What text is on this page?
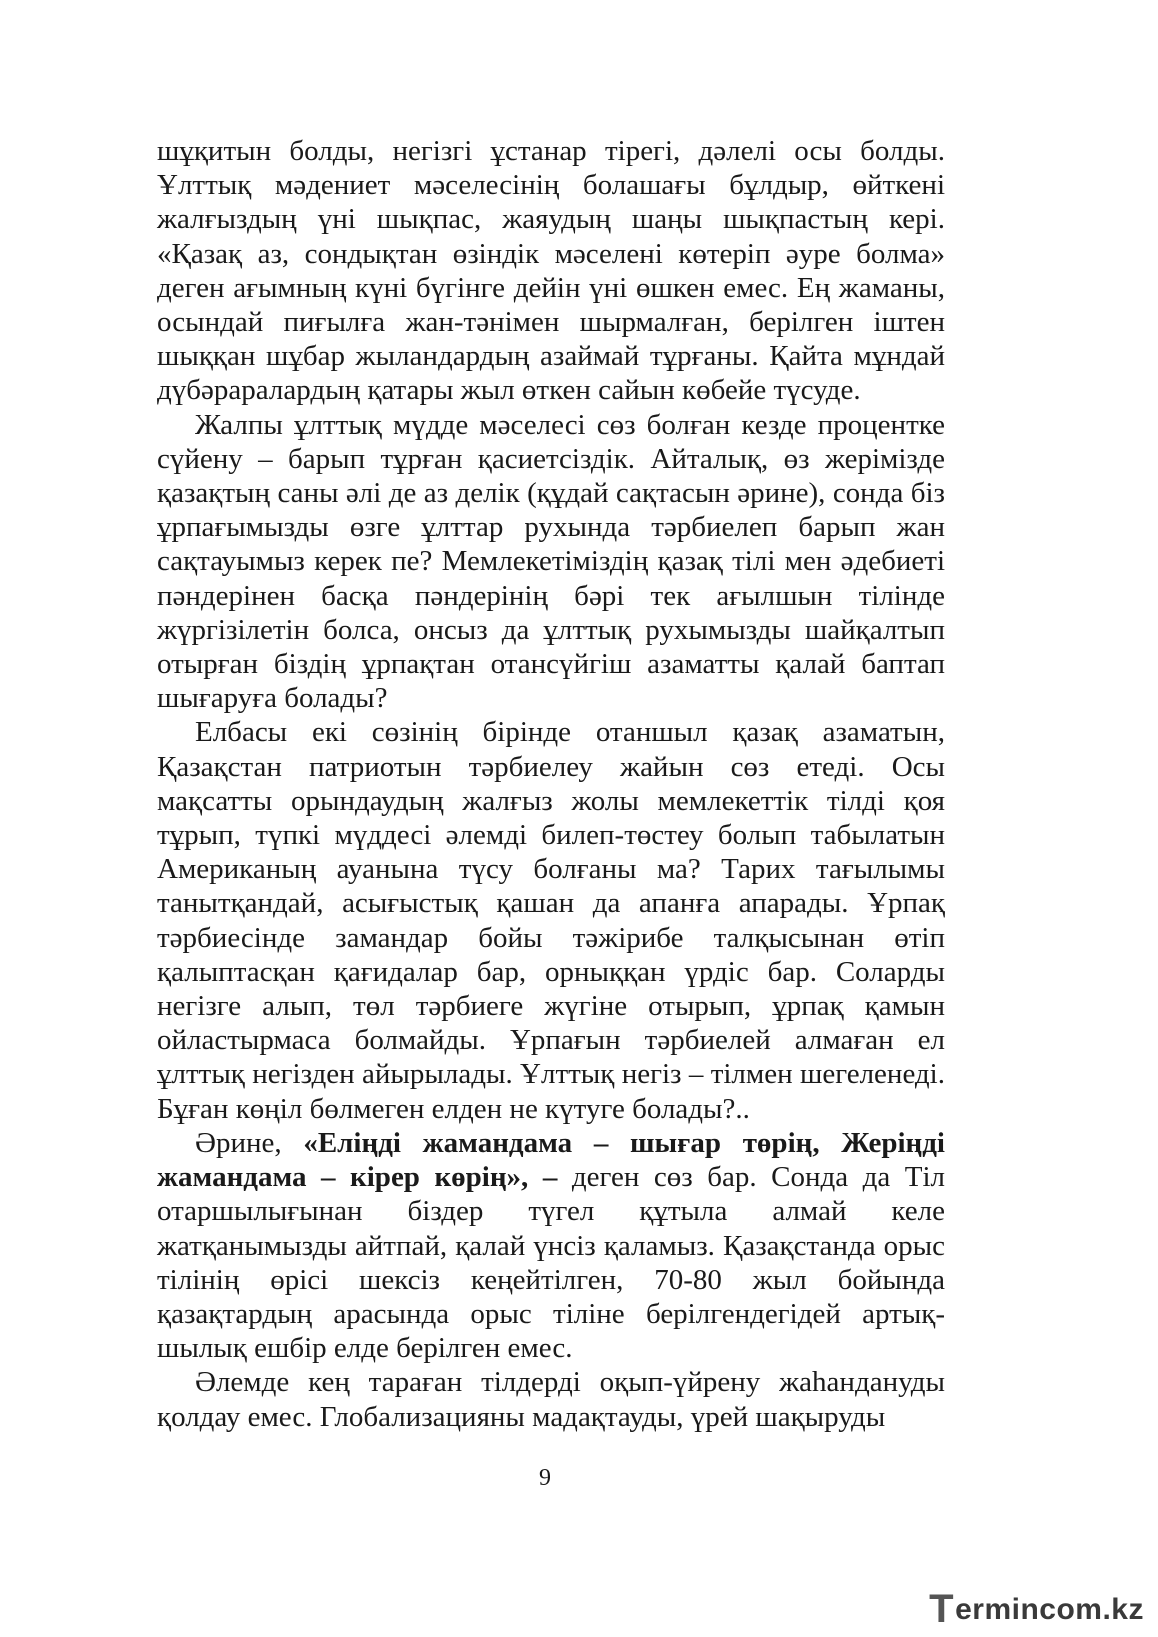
шұқитын болды, негізгі ұстанар тірегі, дәлелі осы болды. Ұлттық мәдениет мәселесінің болашағы бұлдыр, өйткені жалғыздың үні шықпас, жаяудың шаңы шықпастың кері. «Қазақ аз, сондықтан өзіндік мәселені көтеріп әуре болма» деген ағымның күні бүгінге дейін үні өшкен емес. Ең жаманы, осындай пиғылға жан-тәнімен шырмалған, берілген іштен шыққан шұбар жыландардың азаймай тұрғаны. Қайта мұндай дүбәраралардың қатары жыл өткен сайын көбейе түсуде.

Жалпы ұлттық мүдде мәселесі сөз болған кезде процентке сүйену – барып тұрған қасиетсіздік. Айталық, өз жерімізде қазақтың саны әлі де аз делік (құдай сақтасын әрине), сонда біз ұрпағымызды өзге ұлттар рухында тәрбиелеп барып жан сақтауымыз керек пе? Мемлекетіміздің қазақ тілі мен әдебиеті пәндерінен басқа пәндерінің бәрі тек ағылшын тілінде жүргізілетін болса, онсыз да ұлттық рухымызды шайқалтып отырған біздің ұрпақтан отансүйгіш азаматты қалай баптап шығаруға болады?

Елбасы екі сөзінің бірінде отаншыл қазақ азаматын, Қазақстан патриотын тәрбиелеу жайын сөз етеді. Осы мақсатты орындаудың жалғыз жолы мемлекеттік тілді қоя тұрып, түпкі мүддесі әлемді билеп-төстеу болып табылатын Американың ауанына түсу болғаны ма? Тарих тағылымы танытқандай, асығыстық қашан да апанға апарады. Ұрпақ тәрбиесінде замандар бойы тәжірибе талқысынан өтіп қалыптасқан қағидалар бар, орныққан үрдіс бар. Соларды негізге алып, төл тәрбиеге жүгіне отырып, ұрпақ қамын ойластырмаса болмайды. Ұрпағын тәрбиелей алмаған ел ұлттық негізден айырылады. Ұлттық негіз – тілмен шегеленеді. Бұған көңіл бөлмеген елден не күтуге болады?..

Әрине, «Еліңді жамандама – шығар төрің, Жеріңді жамандама – кірер көрің», – деген сөз бар. Сонда да Тіл отаршылығынан біздер түгел құтыла алмай келе жатқанымызды айтпай, қалай үнсіз қаламыз. Қазақстанда орыс тілінің өрісі шексіз кеңейтілген, 70-80 жыл бойында қазақтардың арасында орыс тіліне берілгендегідей артық-шылық ешбір елде берілген емес.

Әлемде кең тараған тілдерді оқып-үйрену жаһандануды қолдау емес. Глобализацияны мадақтауды, үрей шақыруды

9
T ermincom.kz
